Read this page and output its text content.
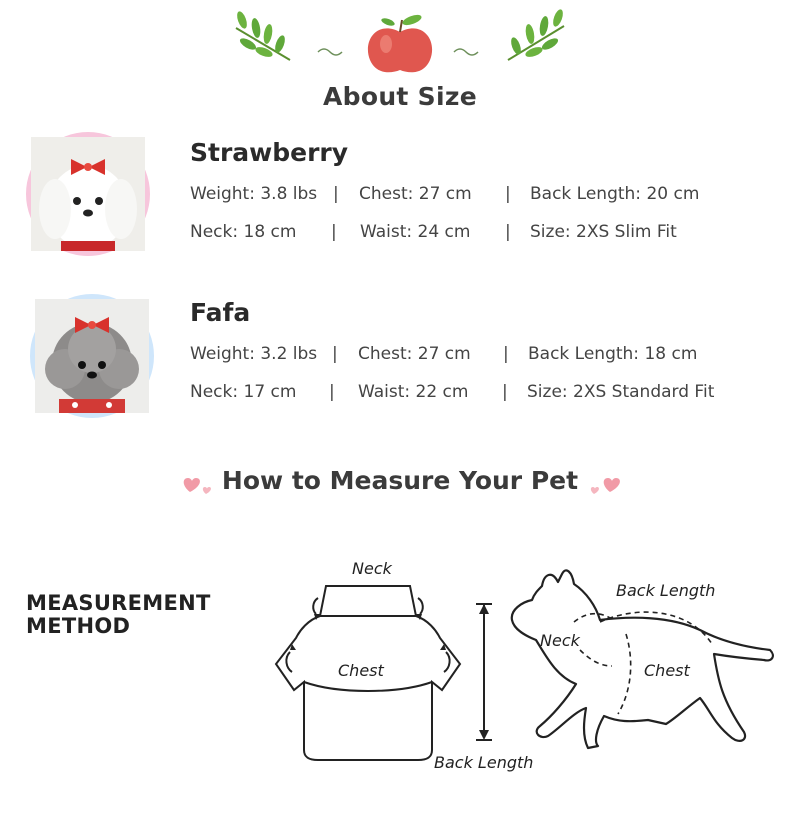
About Size
Strawberry
Weight: 3.8 lbs | Chest: 27 cm | Back Length: 20 cm
Neck: 18 cm | Waist: 24 cm | Size: 2XS Slim Fit
Fafa
Weight: 3.2 lbs | Chest: 27 cm | Back Length: 18 cm
Neck: 17 cm | Waist: 22 cm | Size: 2XS Standard Fit
How to Measure Your Pet
MEASUREMENT
METHOD
Neck
Chest
Back Length
Back Length
Neck
Chest
